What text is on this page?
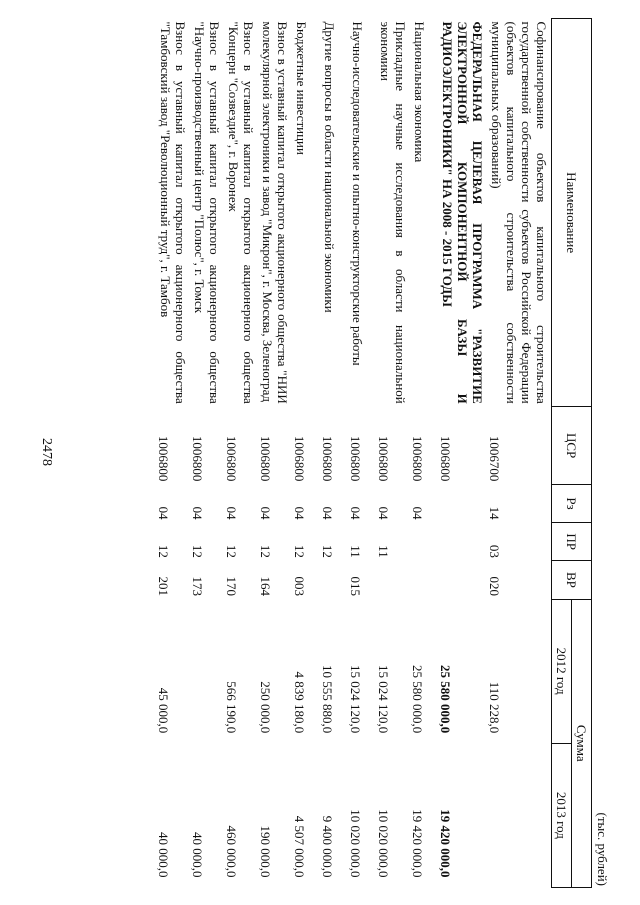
2478
(тыс. рублей)
Наименование	ЦСР	Рз	ПР	ВР	Сумма	
					2012 год	2013 год
Софинансирование объектов капитального строительства государственной собственности субъектов Российской Федерации (объектов капитального строительства собственности муниципальных образований)	1006700	14	03	020	110 228,0	
ФЕДЕРАЛЬНАЯ ЦЕЛЕВАЯ ПРОГРАММА "РАЗВИТИЕ ЭЛЕКТРОННОЙ КОМПОНЕНТНОЙ БАЗЫ И РАДИОЭЛЕКТРОНИКИ" НА 2008 - 2015 ГОДЫ	1006800				25 580 000,0	19 420 000,0
Национальная экономика	1006800	04			25 580 000,0	19 420 000,0
Прикладные научные исследования в области национальной экономики	1006800	04	11		15 024 120,0	10 020 000,0
Научно-исследовательские и опытно-конструкторские работы	1006800	04	11	015	15 024 120,0	10 020 000,0
Другие вопросы в области национальной экономики	1006800	04	12		10 555 880,0	9 400 000,0
Бюджетные инвестиции	1006800	04	12	003	4 839 180,0	4 507 000,0
Взнос в уставный капитал открытого акционерного общества "НИИ молекулярной электроники и завод "Микрон", г. Москва, Зеленоград	1006800	04	12	164	250 000,0	190 000,0
Взнос в уставный капитал открытого акционерного общества "Концерн "Созвездие", г. Воронеж	1006800	04	12	170	566 190,0	460 000,0
Взнос в уставный капитал открытого акционерного общества "Научно-производственный центр "Полюс", г. Томск	1006800	04	12	173		40 000,0
Взнос в уставный капитал открытого акционерного общества "Тамбовский завод "Революционный труд", г. Тамбов	1006800	04	12	201	45 000,0	40 000,0
